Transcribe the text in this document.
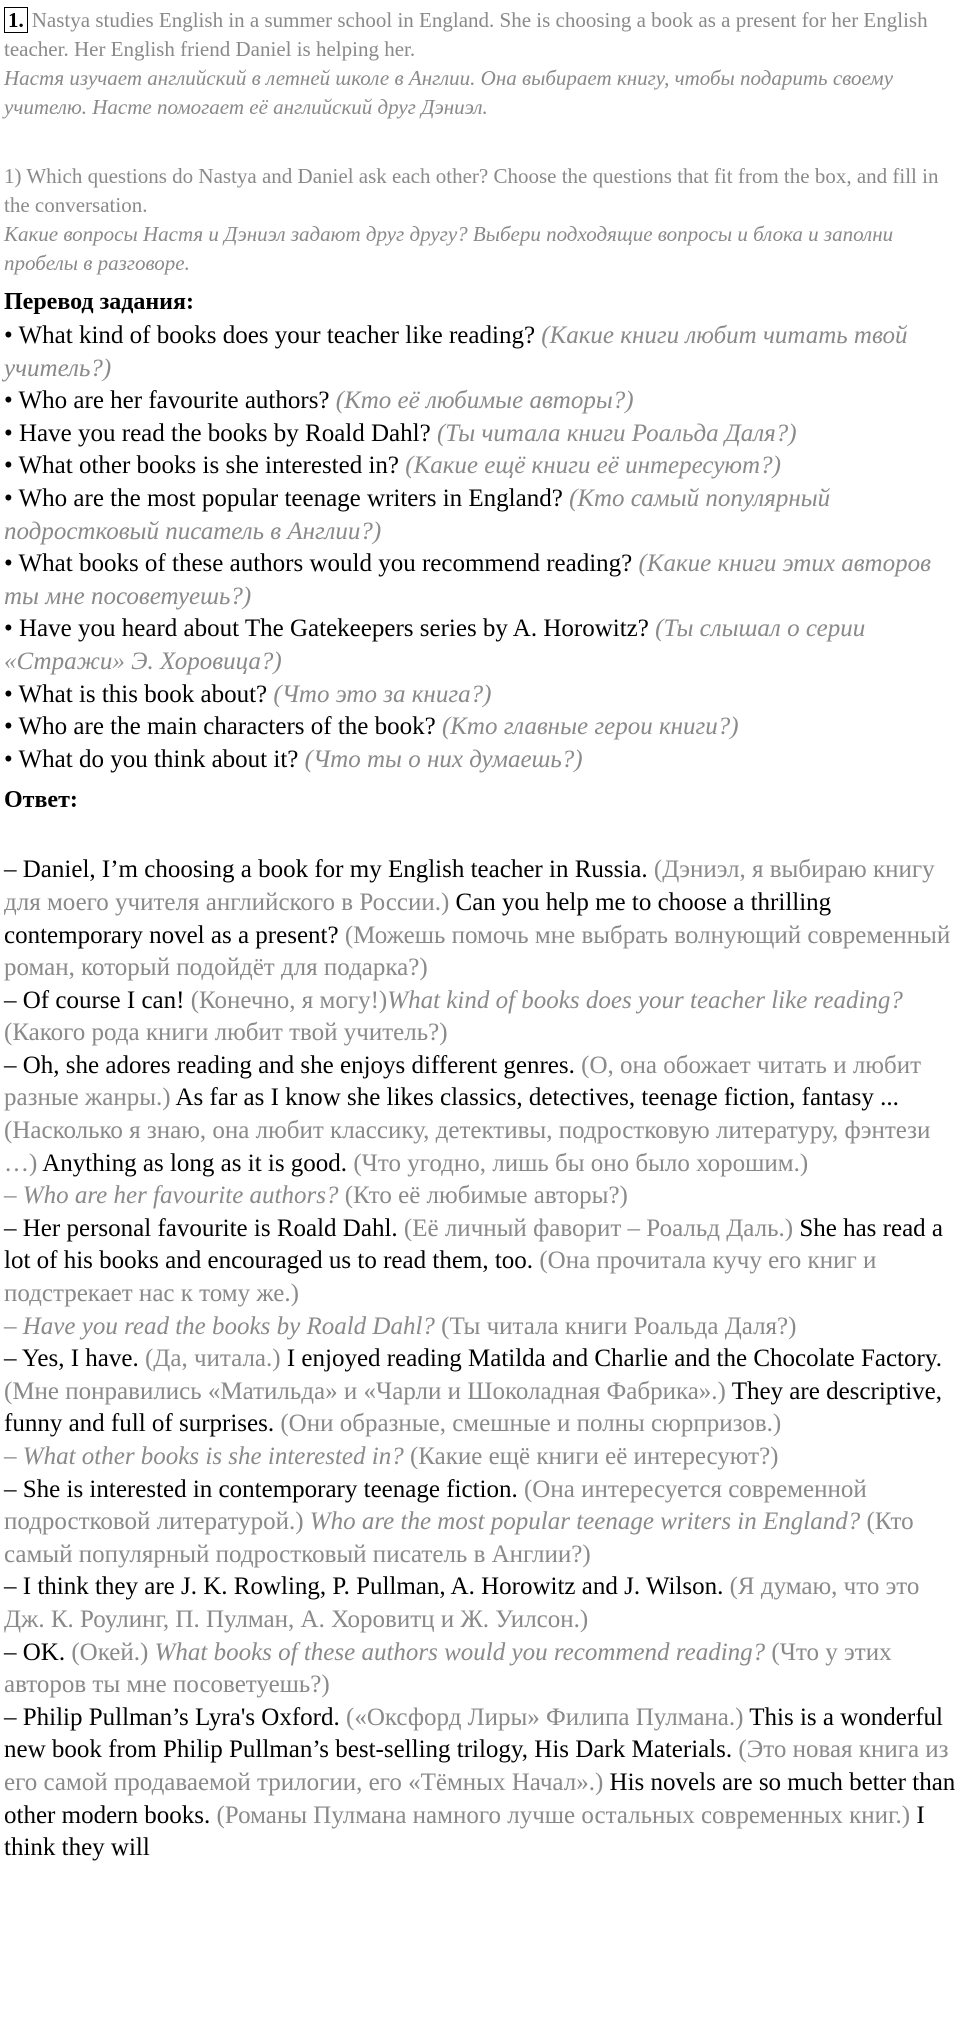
1. Nastya studies English in a summer school in England. She is choosing a book as a present for her English teacher. Her English friend Daniel is helping her.

Настя изучает английский в летней школе в Англии. Она выбирает книгу, чтобы подарить своему учителю. Насте помогает её английский друг Дэниэл.

1) Which questions do Nastya and Daniel ask each other? Choose the questions that fit from the box, and fill in the conversation.

Какие вопросы Настя и Дэниэл задают друг другу? Выбери подходящие вопросы и блока и заполни пробелы в разговоре.

Перевод задания:
• What kind of books does your teacher like reading? (Какие книги любит читать твой учитель?)
• Who are her favourite authors? (Кто её любимые авторы?)
• Have you read the books by Roald Dahl? (Ты читала книги Роальда Даля?)
• What other books is she interested in? (Какие ещё книги её интересуют?)
• Who are the most popular teenage writers in England? (Кто самый популярный подростковый писатель в Англии?)
• What books of these authors would you recommend reading? (Какие книги этих авторов ты мне посоветуешь?)
• Have you heard about The Gatekeepers series by A. Horowitz? (Ты слышал о серии «Стражи» Э. Хоровица?)
• What is this book about? (Что это за книга?)
• Who are the main characters of the book? (Кто главные герои книги?)
• What do you think about it? (Что ты о них думаешь?)
Ответ:

– Daniel, I’m choosing a book for my English teacher in Russia. (Дэниэл, я выбираю книгу для моего учителя английского в России.) Can you help me to choose a thrilling contemporary novel as a present? (Можешь помочь мне выбрать волнующий современный роман, который подойдёт для подарка?)

– Of course I can! (Конечно, я могу!)What kind of books does your teacher like reading? (Какого рода книги любит твой учитель?)

– Oh, she adores reading and she enjoys different genres. (О, она обожает читать и любит разные жанры.) As far as I know she likes classics, detectives, teenage fiction, fantasy ... (Насколько я знаю, она любит классику, детективы, подростковую литературу, фэнтези …) Anything as long as it is good. (Что угодно, лишь бы оно было хорошим.)

– Who are her favourite authors? (Кто её любимые авторы?)

– Her personal favourite is Roald Dahl. (Её личный фаворит – Роальд Даль.) She has read a lot of his books and encouraged us to read them, too. (Она прочитала кучу его книг и подстрекает нас к тому же.)

– Have you read the books by Roald Dahl? (Ты читала книги Роальда Даля?)

– Yes, I have. (Да, читала.) I enjoyed reading Matilda and Charlie and the Chocolate Factory. (Мне понравились «Матильда» и «Чарли и Шоколадная Фабрика».) They are descriptive, funny and full of surprises. (Они образные, смешные и полны сюрпризов.)

– What other books is she interested in? (Какие ещё книги её интересуют?)

– She is interested in contemporary teenage fiction. (Она интересуется современной подростковой литературой.) Who are the most popular teenage writers in England? (Кто самый популярный подростковый писатель в Англии?)

– I think they are J. K. Rowling, P. Pullman, A. Horowitz and J. Wilson. (Я думаю, что это Дж. К. Роулинг, П. Пулман, А. Хоровитц и Ж. Уилсон.)

– OK. (Окей.) What books of these authors would you recommend reading? (Что у этих авторов ты мне посоветуешь?)

– Philip Pullman’s Lyra's Oxford. («Оксфорд Лиры» Филипа Пулмана.) This is a wonderful new book from Philip Pullman’s best-selling trilogy, His Dark Materials. (Это новая книга из его самой продаваемой трилогии, его «Тёмных Начал».) His novels are so much better than other modern books. (Романы Пулмана намного лучше остальных современных книг.) I think they will
